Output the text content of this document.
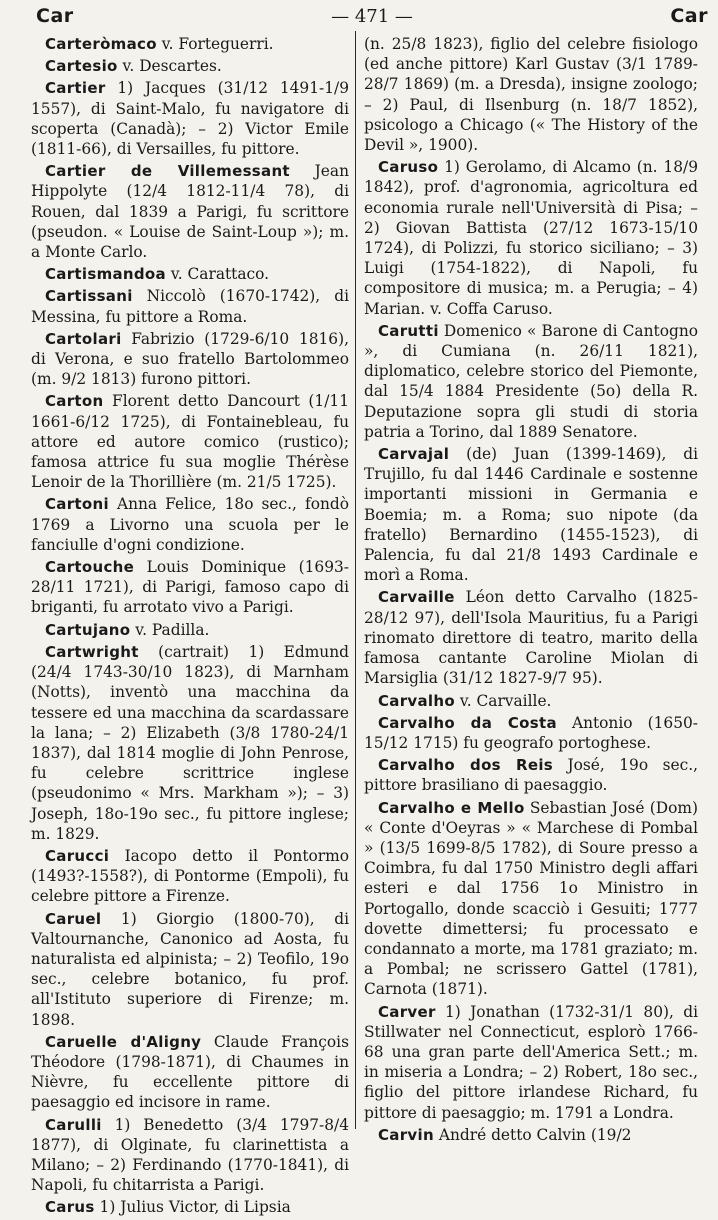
Car	— 471 —	Car

Carteròmaco v. Forteguerri.

Cartesio v. Descartes.

Cartier 1) Jacques (31/12 1491-1/9 1557), di Saint-Malo, fu navigatore di scoperta (Canadà); – 2) Victor Emile (1811-66), di Versailles, fu pittore.

Cartier de Villemessant Jean Hippolyte (12/4 1812-11/4 78), di Rouen, dal 1839 a Parigi, fu scrittore (pseudon. « Louise de Saint-Loup »); m. a Monte Carlo.

Cartismandoa v. Carattaco.

Cartissani Niccolò (1670-1742), di Messina, fu pittore a Roma.

Cartolari Fabrizio (1729-6/10 1816), di Verona, e suo fratello Bartolommeo (m. 9/2 1813) furono pittori.

Carton Florent detto Dancourt (1/11 1661-6/12 1725), di Fontainebleau, fu attore ed autore comico (rustico); famosa attrice fu sua moglie Thérèse Lenoir de la Thorillière (m. 21/5 1725).

Cartoni Anna Felice, 18o sec., fondò 1769 a Livorno una scuola per le fanciulle d'ogni condizione.

Cartouche Louis Dominique (1693-28/11 1721), di Parigi, famoso capo di briganti, fu arrotato vivo a Parigi.

Cartujano v. Padilla.

Cartwright (cartrait) 1) Edmund (24/4 1743-30/10 1823), di Marnham (Notts), inventò una macchina da tessere ed una macchina da scardassare la lana; – 2) Elizabeth (3/8 1780-24/1 1837), dal 1814 moglie di John Penrose, fu celebre scrittrice inglese (pseudonimo « Mrs. Markham »); – 3) Joseph, 18o-19o sec., fu pittore inglese; m. 1829.

Carucci Iacopo detto il Pontormo (1493?-1558?), di Pontorme (Empoli), fu celebre pittore a Firenze.

Caruel 1) Giorgio (1800-70), di Valtournanche, Canonico ad Aosta, fu naturalista ed alpinista; – 2) Teofilo, 19o sec., celebre botanico, fu prof. all'Istituto superiore di Firenze; m. 1898.

Caruelle d'Aligny Claude François Théodore (1798-1871), di Chaumes in Nièvre, fu eccellente pittore di paesaggio ed incisore in rame.

Carulli 1) Benedetto (3/4 1797-8/4 1877), di Olginate, fu clarinettista a Milano; – 2) Ferdinando (1770-1841), di Napoli, fu chitarrista a Parigi.

Carus 1) Julius Victor, di Lipsia

(n. 25/8 1823), figlio del celebre fisiologo (ed anche pittore) Karl Gustav (3/1 1789-28/7 1869) (m. a Dresda), insigne zoologo; – 2) Paul, di Ilsenburg (n. 18/7 1852), psicologo a Chicago (« The History of the Devil », 1900).

Caruso 1) Gerolamo, di Alcamo (n. 18/9 1842), prof. d'agronomia, agricoltura ed economia rurale nell'Università di Pisa; – 2) Giovan Battista (27/12 1673-15/10 1724), di Polizzi, fu storico siciliano; – 3) Luigi (1754-1822), di Napoli, fu compositore di musica; m. a Perugia; – 4) Marian. v. Coffa Caruso.

Carutti Domenico « Barone di Cantogno », di Cumiana (n. 26/11 1821), diplomatico, celebre storico del Piemonte, dal 15/4 1884 Presidente (5o) della R. Deputazione sopra gli studi di storia patria a Torino, dal 1889 Senatore.

Carvajal (de) Juan (1399-1469), di Trujillo, fu dal 1446 Cardinale e sostenne importanti missioni in Germania e Boemia; m. a Roma; suo nipote (da fratello) Bernardino (1455-1523), di Palencia, fu dal 21/8 1493 Cardinale e morì a Roma.

Carvaille Léon detto Carvalho (1825-28/12 97), dell'Isola Mauritius, fu a Parigi rinomato direttore di teatro, marito della famosa cantante Caroline Miolan di Marsiglia (31/12 1827-9/7 95).

Carvalho v. Carvaille.

Carvalho da Costa Antonio (1650-15/12 1715) fu geografo portoghese.

Carvalho dos Reis José, 19o sec., pittore brasiliano di paesaggio.

Carvalho e Mello Sebastian José (Dom) « Conte d'Oeyras » « Marchese di Pombal » (13/5 1699-8/5 1782), di Soure presso a Coimbra, fu dal 1750 Ministro degli affari esteri e dal 1756 1o Ministro in Portogallo, donde scacciò i Gesuiti; 1777 dovette dimettersi; fu processato e condannato a morte, ma 1781 graziato; m. a Pombal; ne scrissero Gattel (1781), Carnota (1871).

Carver 1) Jonathan (1732-31/1 80), di Stillwater nel Connecticut, esplorò 1766-68 una gran parte dell'America Sett.; m. in miseria a Londra; – 2) Robert, 18o sec., figlio del pittore irlandese Richard, fu pittore di paesaggio; m. 1791 a Londra.

Carvin André detto Calvin (19/2
